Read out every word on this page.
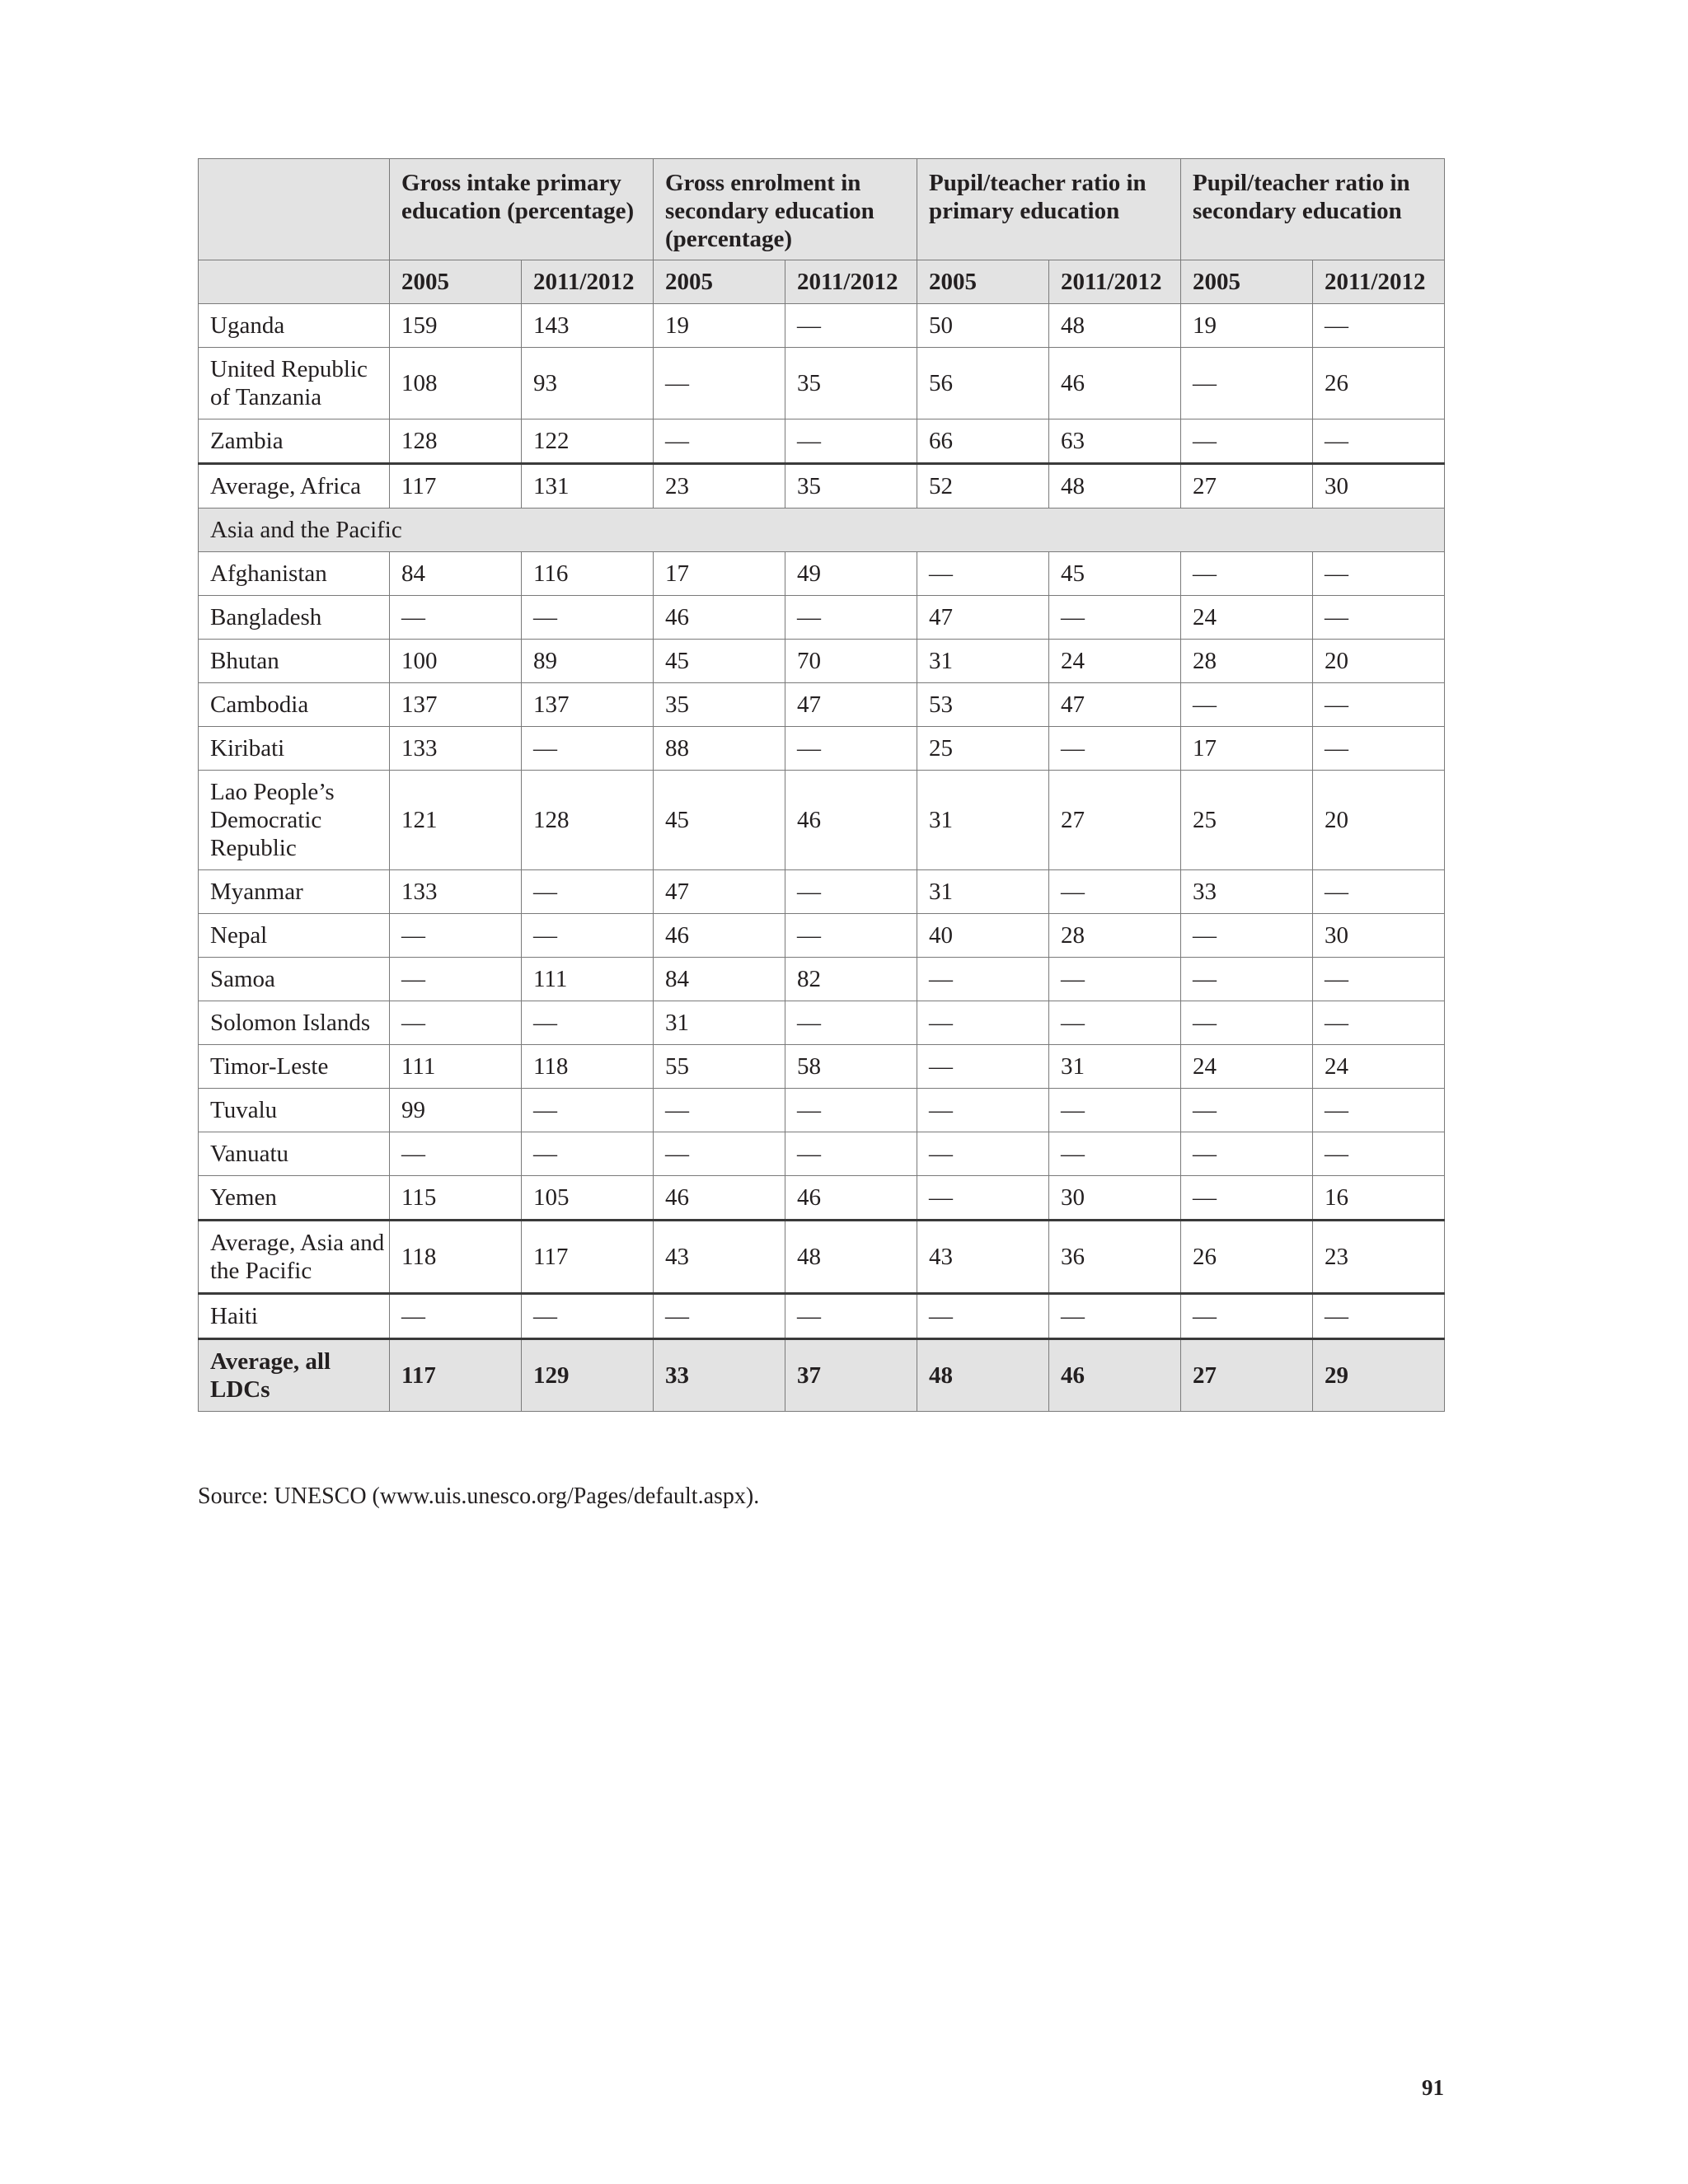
	Gross intake primary education (percentage)		Gross enrolment in secondary education (percentage)		Pupil/teacher ratio in primary education		Pupil/teacher ratio in secondary education	
	2005	2011/2012	2005	2011/2012	2005	2011/2012	2005	2011/2012
Uganda	159	143	19	—	50	48	19	—
United Republic of Tanzania	108	93	—	35	56	46	—	26
Zambia	128	122	—	—	66	63	—	—
Average, Africa	117	131	23	35	52	48	27	30
Asia and the Pacific								
Afghanistan	84	116	17	49	—	45	—	—
Bangladesh	—	—	46	—	47	—	24	—
Bhutan	100	89	45	70	31	24	28	20
Cambodia	137	137	35	47	53	47	—	—
Kiribati	133	—	88	—	25	—	17	—
Lao People’s Democratic Republic	121	128	45	46	31	27	25	20
Myanmar	133	—	47	—	31	—	33	—
Nepal	—	—	46	—	40	28	—	30
Samoa	—	111	84	82	—	—	—	—
Solomon Islands	—	—	31	—	—	—	—	—
Timor-Leste	111	118	55	58	—	31	24	24
Tuvalu	99	—	—	—	—	—	—	—
Vanuatu	—	—	—	—	—	—	—	—
Yemen	115	105	46	46	—	30	—	16
Average, Asia and the Pacific	118	117	43	48	43	36	26	23
Haiti	—	—	—	—	—	—	—	—
Average, all LDCs	117	129	33	37	48	46	27	29
Source: UNESCO (www.uis.unesco.org/Pages/default.aspx).
91
